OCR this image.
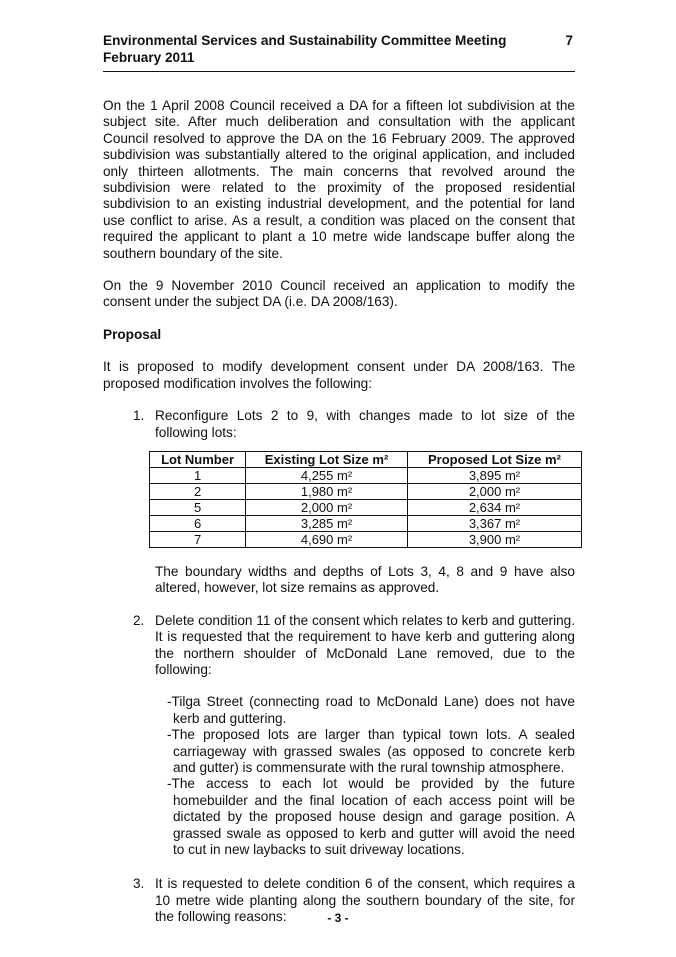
Environmental Services and Sustainability Committee Meeting February 2011
7

On the 1 April 2008 Council received a DA for a fifteen lot subdivision at the subject site. After much deliberation and consultation with the applicant Council resolved to approve the DA on the 16 February 2009. The approved subdivision was substantially altered to the original application, and included only thirteen allotments. The main concerns that revolved around the subdivision were related to the proximity of the proposed residential subdivision to an existing industrial development, and the potential for land use conflict to arise. As a result, a condition was placed on the consent that required the applicant to plant a 10 metre wide landscape buffer along the southern boundary of the site.

On the 9 November 2010 Council received an application to modify the consent under the subject DA (i.e. DA 2008/163).

Proposal

It is proposed to modify development consent under DA 2008/163. The proposed modification involves the following:

1. Reconfigure Lots 2 to 9, with changes made to lot size of the following lots:

Lot Number	Existing Lot Size m²	Proposed Lot Size m²
1	4,255 m²	3,895 m²
2	1,980 m²	2,000 m²
5	2,000 m²	2,634 m²
6	3,285 m²	3,367 m²
7	4,690 m²	3,900 m²

The boundary widths and depths of Lots 3, 4, 8 and 9 have also altered, however, lot size remains as approved.

2. Delete condition 11 of the consent which relates to kerb and guttering. It is requested that the requirement to have kerb and guttering along the northern shoulder of McDonald Lane removed, due to the following:

-Tilga Street (connecting road to McDonald Lane) does not have kerb and guttering.
-The proposed lots are larger than typical town lots. A sealed carriageway with grassed swales (as opposed to concrete kerb and gutter) is commensurate with the rural township atmosphere.
-The access to each lot would be provided by the future homebuilder and the final location of each access point will be dictated by the proposed house design and garage position. A grassed swale as opposed to kerb and gutter will avoid the need to cut in new laybacks to suit driveway locations.
3. It is requested to delete condition 6 of the consent, which requires a 10 metre wide planting along the southern boundary of the site, for the following reasons:	- 3 -
